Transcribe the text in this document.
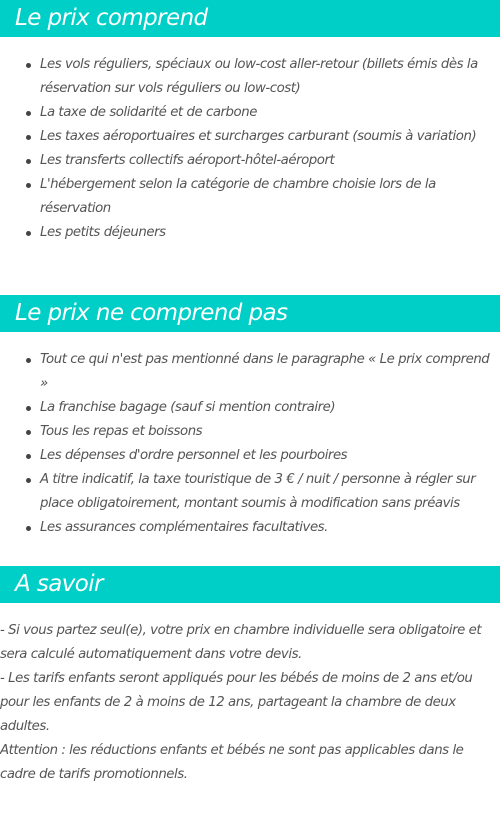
Le prix comprend
Les vols réguliers, spéciaux ou low-cost aller-retour (billets émis dès la réservation sur vols réguliers ou low-cost)
La taxe de solidarité et de carbone
Les taxes aéroportuaires et surcharges carburant (soumis à variation)
Les transferts collectifs aéroport-hôtel-aéroport
L'hébergement selon la catégorie de chambre choisie lors de la réservation
Les petits déjeuners
Le prix ne comprend pas
Tout ce qui n'est pas mentionné dans le paragraphe « Le prix comprend »
La franchise bagage (sauf si mention contraire)
Tous les repas et boissons
Les dépenses d'ordre personnel et les pourboires
A titre indicatif, la taxe touristique de 3 € / nuit / personne à régler sur place obligatoirement, montant soumis à modification sans préavis
Les assurances complémentaires facultatives.
A savoir
- Si vous partez seul(e), votre prix en chambre individuelle sera obligatoire et sera calculé automatiquement dans votre devis.
- Les tarifs enfants seront appliqués pour les bébés de moins de 2 ans et/ou pour les enfants de 2 à moins de 12 ans, partageant la chambre de deux adultes.
Attention : les réductions enfants et bébés ne sont pas applicables dans le cadre de tarifs promotionnels.
